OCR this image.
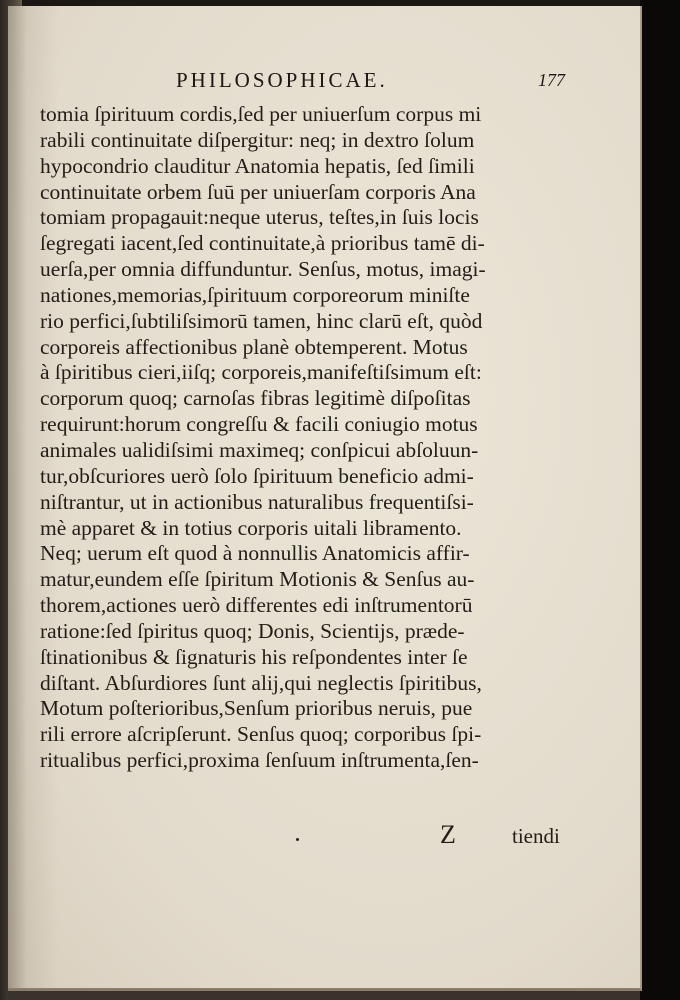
PHILOSOPHICAE.	177
tomia ſpirituum cordis,ſed per uniuerſum corpus mi
rabili continuitate diſpergitur: neq; in dextro ſolum
hypocondrio clauditur Anatomia hepatis, ſed ſimili
continuitate orbem ſuū per uniuerſam corporis Ana
tomiam propagauit:neque uterus, teſtes,in ſuis locis
ſegregati iacent,ſed continuitate,à prioribus tamē di-
uerſa,per omnia diffunduntur. Senſus, motus, imagi-
nationes,memorias,ſpirituum corporeorum miniſte
rio perfici,ſubtiliſsimorū tamen, hinc clarū eſt, quòd
corporeis affectionibus planè obtemperent. Motus
à ſpiritibus cieri,iiſq; corporeis,manifeſtiſsimum eſt:
corporum quoq; carnoſas fibras legitimè diſpoſitas
requirunt:horum congreſſu & facili coniugio motus
animales ualidiſsimi maximeq; conſpicui abſoluun-
tur,obſcuriores uerò ſolo ſpirituum beneficio admi-
niſtrantur, ut in actionibus naturalibus frequentiſsi-
mè apparet & in totius corporis uitali libramento.
Neq; uerum eſt quod à nonnullis Anatomicis affir-
matur,eundem eſſe ſpiritum Motionis & Senſus au-
thorem,actiones uerò differentes edi inſtrumentorū
ratione:ſed ſpiritus quoq; Donis, Scientijs, præde-
ſtinationibus & ſignaturis his reſpondentes inter ſe
diſtant. Abſurdiores ſunt alij,qui neglectis ſpiritibus,
Motum poſterioribus,Senſum prioribus neruis, pue
rili errore aſcripſerunt. Senſus quoq; corporibus ſpi-
ritualibus perfici,proxima ſenſuum inſtrumenta,ſen-
Z	tiendi
